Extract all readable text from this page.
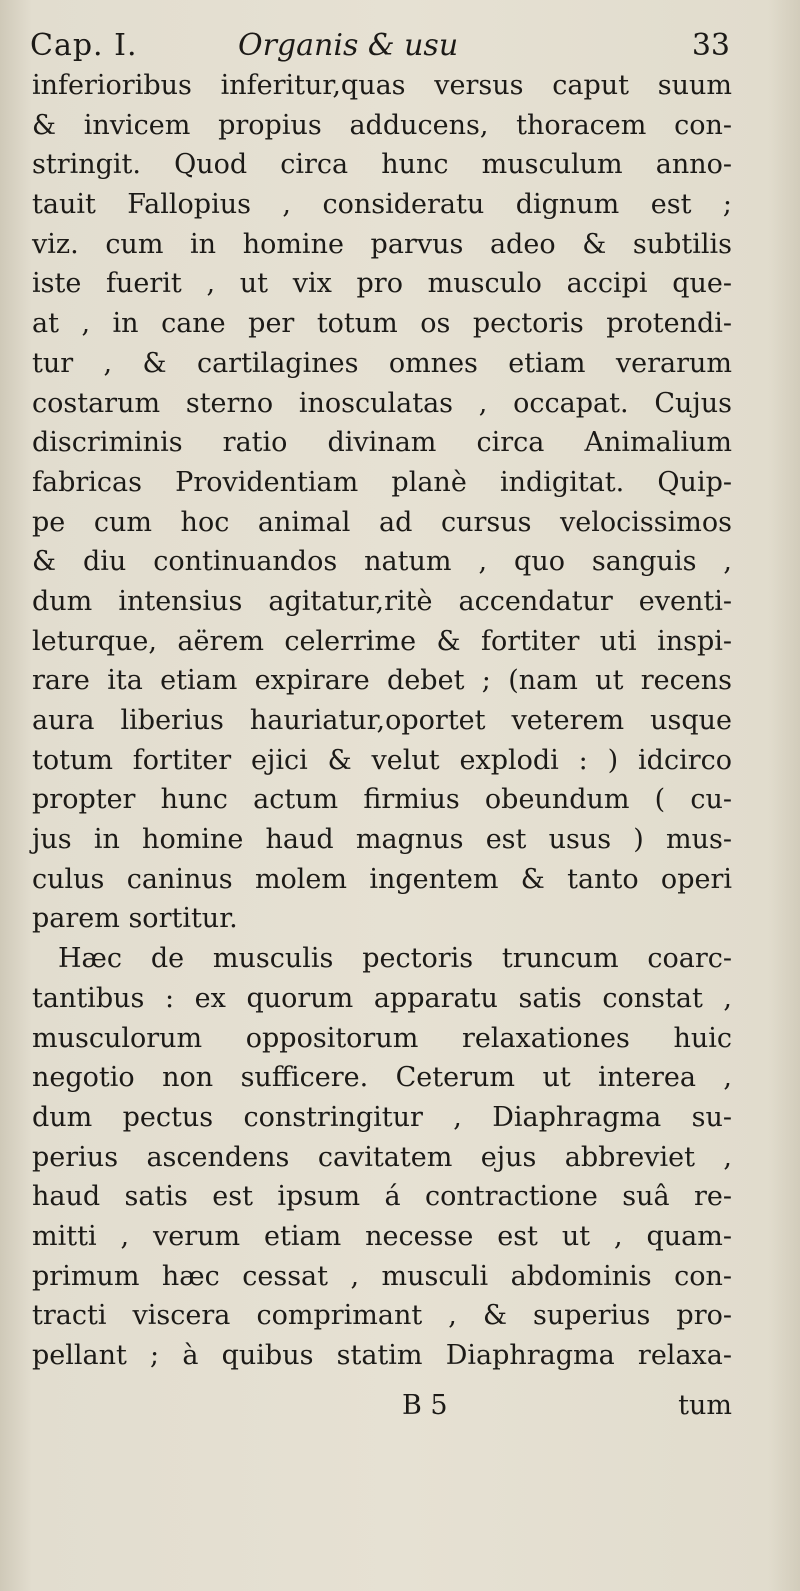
Cap. I.	Organis & usu	33
inferioribus inferitur,quas versus caput suum
& invicem propius adducens, thoracem con-
stringit. Quod circa hunc musculum anno-
tauit Fallopius , consideratu dignum est ;
viz. cum in homine parvus adeo & subtilis
iste fuerit , ut vix pro musculo accipi que-
at , in cane per totum os pectoris protendi-
tur , & cartilagines omnes etiam verarum
costarum sterno inosculatas , occapat. Cujus
discriminis ratio divinam circa Animalium
fabricas Providentiam planè indigitat. Quip-
pe cum hoc animal ad cursus velocissimos
& diu continuandos natum , quo sanguis ,
dum intensius agitatur,ritè accendatur eventi-
leturque, aërem celerrime & fortiter uti inspi-
rare ita etiam expirare debet ; (nam ut recens
aura liberius hauriatur,oportet veterem usque
totum fortiter ejici & velut explodi : ) idcirco
propter hunc actum firmius obeundum ( cu-
jus in homine haud magnus est usus ) mus-
culus caninus molem ingentem & tanto operi
parem sortitur.
Hæc de musculis pectoris truncum coarc-
tantibus : ex quorum apparatu satis constat ,
musculorum oppositorum relaxationes huic
negotio non sufficere. Ceterum ut interea ,
dum pectus constringitur , Diaphragma su-
perius ascendens cavitatem ejus abbreviet ,
haud satis est ipsum á contractione suâ re-
mitti , verum etiam necesse est ut , quam-
primum hæc cessat , musculi abdominis con-
tracti viscera comprimant , & superius pro-
pellant ; à quibus statim Diaphragma relaxa-
B 5	tum
